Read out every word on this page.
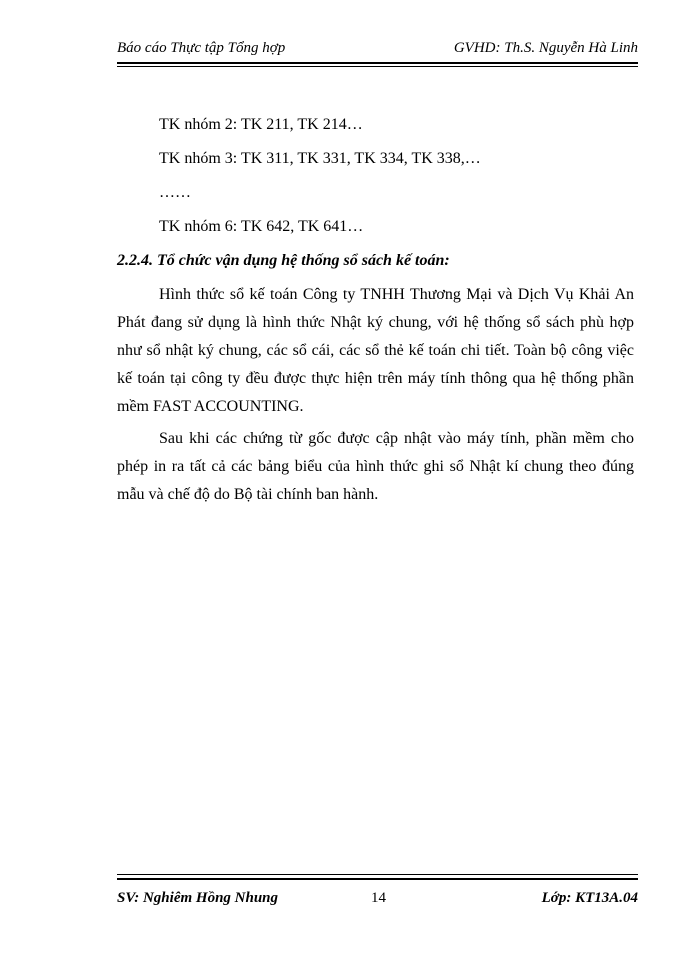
Báo cáo Thực tập Tổng hợp	GVHD: Th.S. Nguyễn Hà Linh
TK nhóm 2: TK 211, TK 214…
TK nhóm 3: TK 311, TK 331, TK 334, TK 338,…
……
TK nhóm 6: TK 642, TK 641…
2.2.4. Tổ chức vận dụng hệ thống sổ sách kế toán:

Hình thức sổ kế toán Công ty TNHH Thương Mại và Dịch Vụ Khải An Phát đang sử dụng là hình thức Nhật ký chung, với hệ thống sổ sách phù hợp như sổ nhật ký chung, các sổ cái, các sổ thẻ kế toán chi tiết. Toàn bộ công việc kế toán tại công ty đều được thực hiện trên máy tính thông qua hệ thống phần mềm FAST ACCOUNTING.

Sau khi các chứng từ gốc được cập nhật vào máy tính, phần mềm cho phép in ra tất cả các bảng biểu của hình thức ghi sổ Nhật kí chung theo đúng mẫu và chế độ do Bộ tài chính ban hành.

SV: Nghiêm Hồng Nhung	14	Lớp: KT13A.04
